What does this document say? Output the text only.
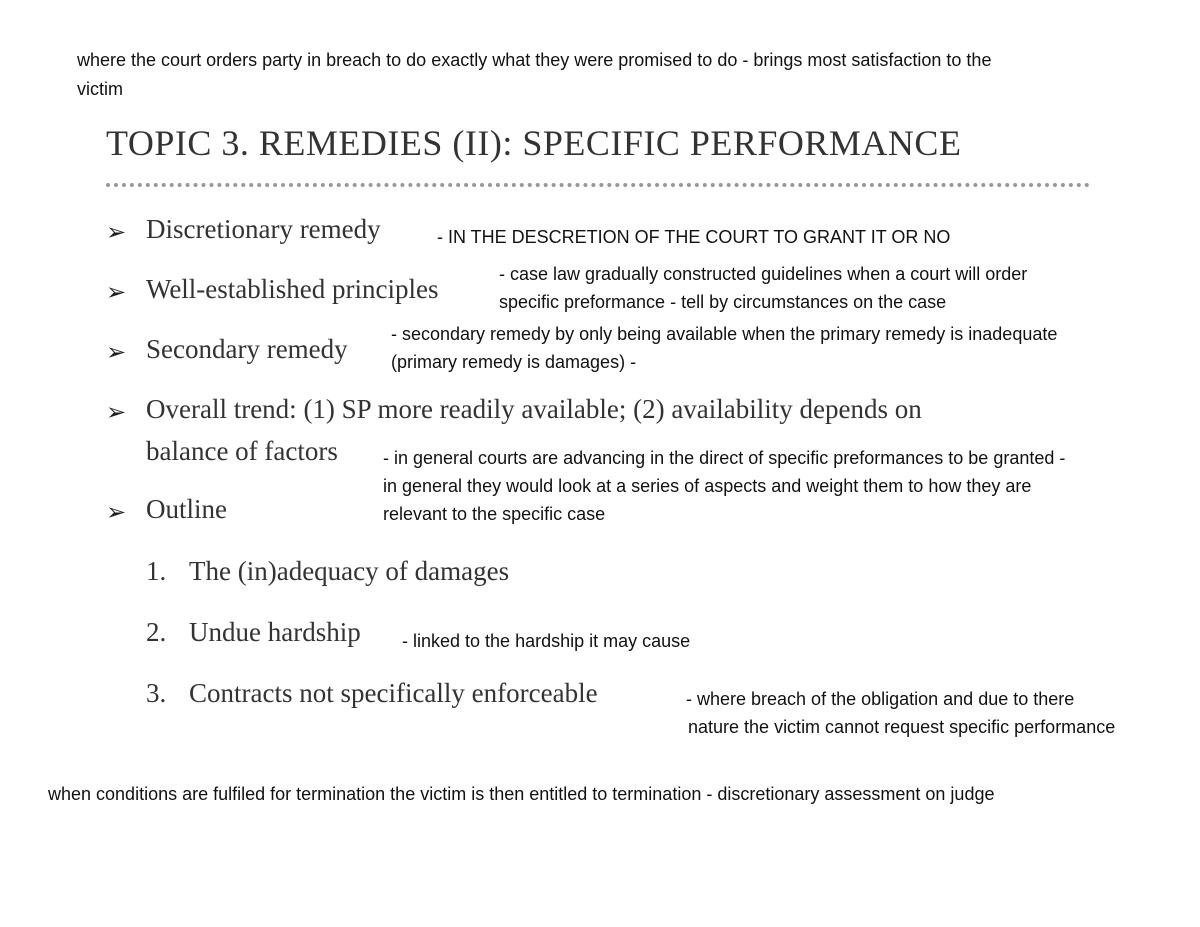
where the court orders party in breach to do exactly what they were promised to do - brings most satisfaction to the
victim
TOPIC 3. REMEDIES (II): SPECIFIC PERFORMANCE
➢ Discretionary remedy	- IN THE DESCRETION OF THE COURT TO GRANT IT OR NO
➢ Well-established principles	- case law gradually constructed guidelines when a court will order
specific preformance - tell by circumstances on the case
➢ Secondary remedy - secondary remedy by only being available when the primary remedy is inadequate
(primary remedy is damages) -
➢ Overall trend: (1) SP more readily available; (2) availability depends on
balance of factors	- in general courts are advancing in the direct of specific preformances to be granted -
in general they would look at a series of aspects and weight them to how they are
relevant to the specific case
➢ Outline
1. The (in)adequacy of damages
2. Undue hardship - linked to the hardship it may cause
3. Contracts not specifically enforceable	- where breach of the obligation and due to there
nature the victim cannot request specific performance
when conditions are fulfiled for termination the victim is then entitled to termination - discretionary assessment on judge
